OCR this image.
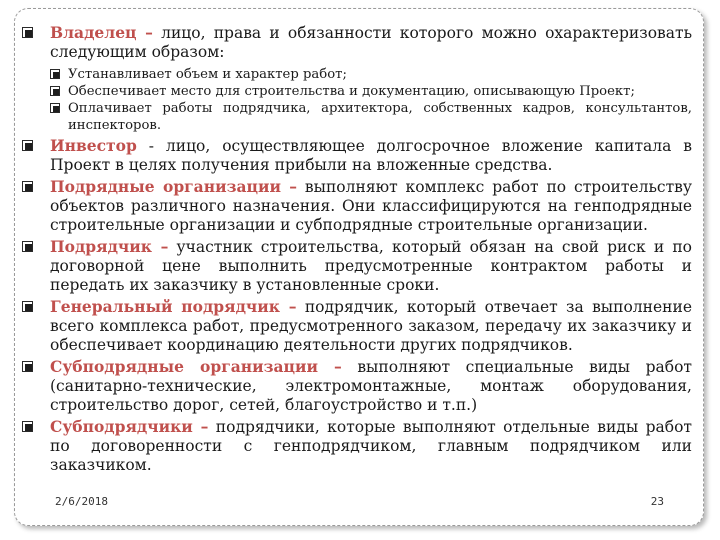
Владелец – лицо, права и обязанности которого можно охарактеризовать следующим образом:
Устанавливает объем и характер работ;
Обеспечивает место для строительства и документацию, описывающую Проект;
Оплачивает работы подрядчика, архитектора, собственных кадров, консультантов, инспекторов.
Инвестор - лицо, осуществляющее долгосрочное вложение капитала в Проект в целях получения прибыли на вложенные средства.
Подрядные организации – выполняют комплекс работ по строительству объектов различного назначения. Они классифицируются на генподрядные строительные организации и субподрядные строительные организации.
Подрядчик – участник строительства, который обязан на свой риск и по договорной цене выполнить предусмотренные контрактом работы и передать их заказчику в установленные сроки.
Генеральный подрядчик – подрядчик, который отвечает за выполнение всего комплекса работ, предусмотренного заказом, передачу их заказчику и обеспечивает координацию деятельности других подрядчиков.
Субподрядные организации – выполняют специальные виды работ (санитарно-технические, электромонтажные, монтаж оборудования, строительство дорог, сетей, благоустройство и т.п.)
Субподрядчики – подрядчики, которые выполняют отдельные виды работ по договоренности с генподрядчиком, главным подрядчиком или заказчиком.
2/6/2018	23
